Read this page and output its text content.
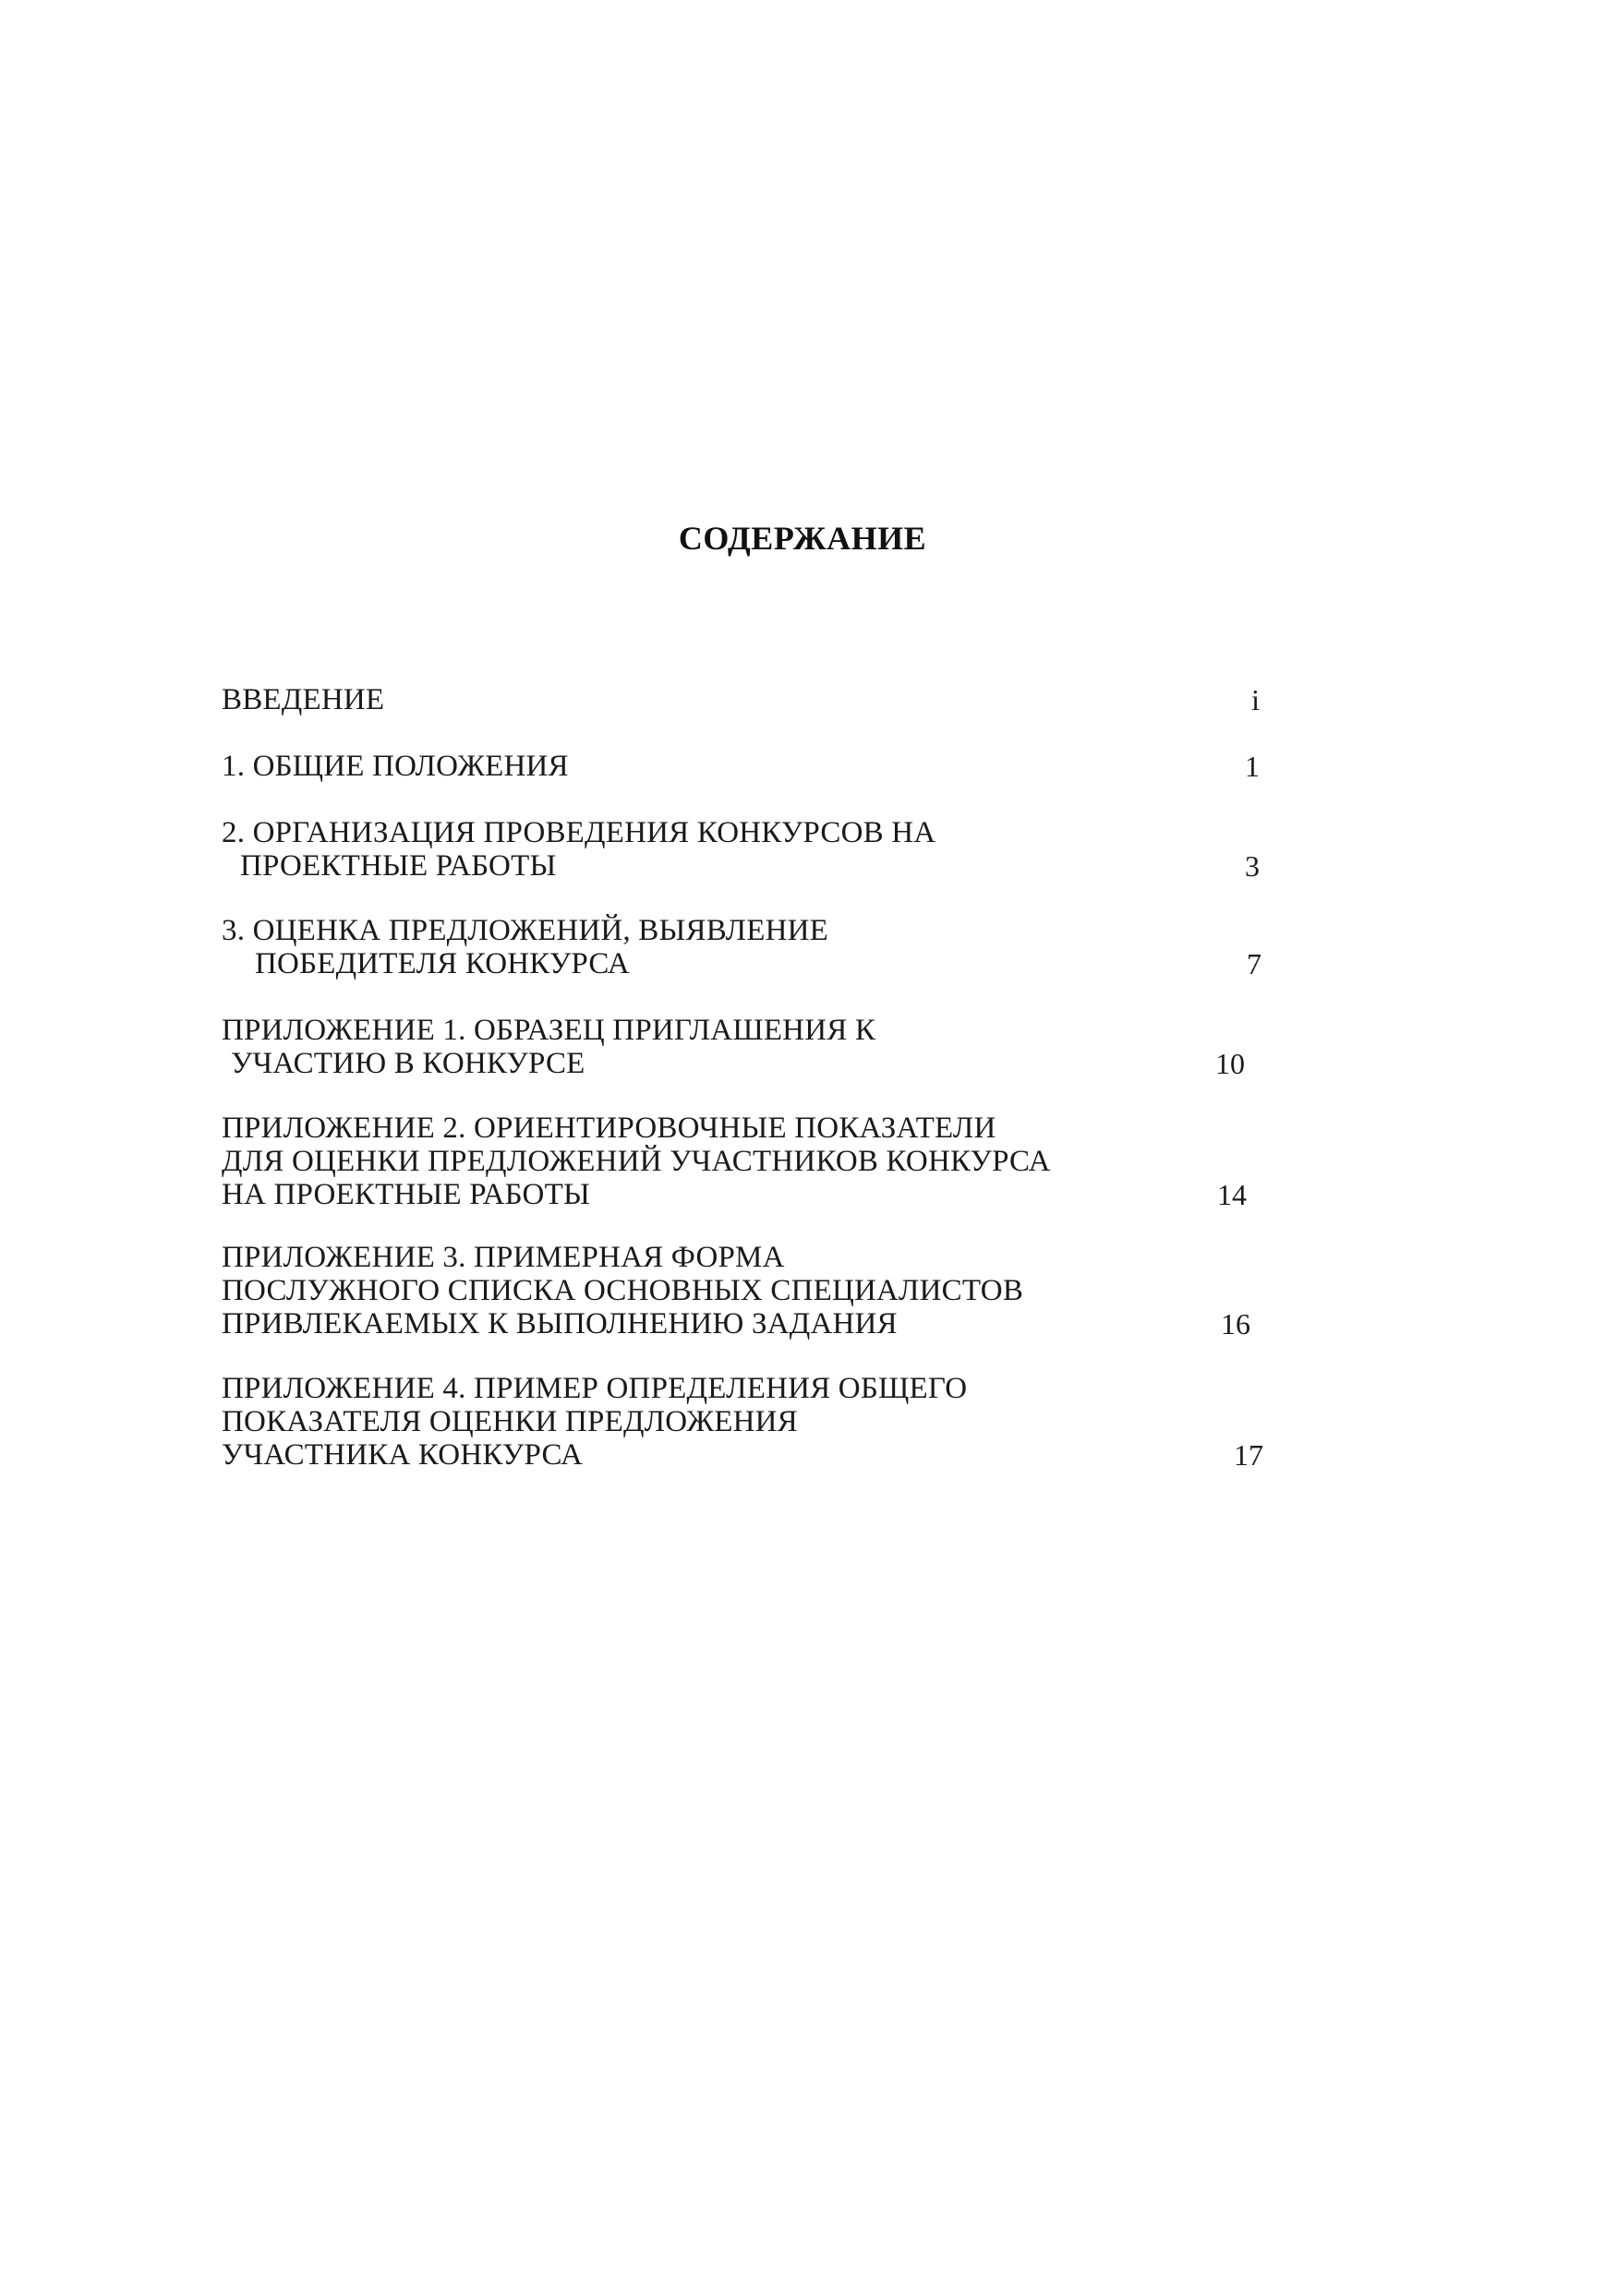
СОДЕРЖАНИЕ
ВВЕДЕНИЕ	i
1. ОБЩИЕ ПОЛОЖЕНИЯ	1
2. ОРГАНИЗАЦИЯ ПРОВЕДЕНИЯ КОНКУРСОВ НА
ПРОЕКТНЫЕ РАБОТЫ	3
3. ОЦЕНКА ПРЕДЛОЖЕНИЙ, ВЫЯВЛЕНИЕ
ПОБЕДИТЕЛЯ КОНКУРСА	7
ПРИЛОЖЕНИЕ 1. ОБРАЗЕЦ ПРИГЛАШЕНИЯ К
УЧАСТИЮ В КОНКУРСЕ	10
ПРИЛОЖЕНИЕ 2. ОРИЕНТИРОВОЧНЫЕ ПОКАЗАТЕЛИ
ДЛЯ ОЦЕНКИ ПРЕДЛОЖЕНИЙ УЧАСТНИКОВ КОНКУРСА
НА ПРОЕКТНЫЕ РАБОТЫ	14
ПРИЛОЖЕНИЕ 3. ПРИМЕРНАЯ ФОРМА
ПОСЛУЖНОГО СПИСКА ОСНОВНЫХ СПЕЦИАЛИСТОВ
ПРИВЛЕКАЕМЫХ К ВЫПОЛНЕНИЮ ЗАДАНИЯ	16
ПРИЛОЖЕНИЕ 4. ПРИМЕР ОПРЕДЕЛЕНИЯ ОБЩЕГО
ПОКАЗАТЕЛЯ ОЦЕНКИ ПРЕДЛОЖЕНИЯ
УЧАСТНИКА КОНКУРСА	17
